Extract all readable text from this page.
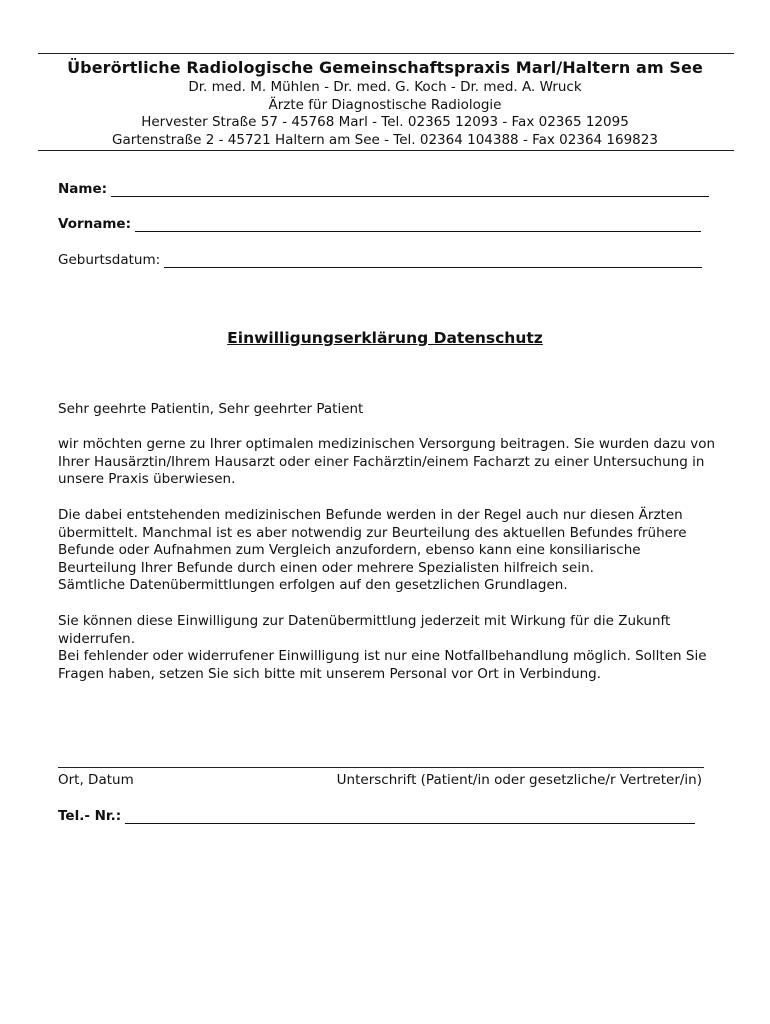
Überörtliche Radiologische Gemeinschaftspraxis Marl/Haltern am See
Dr. med. M. Mühlen - Dr. med. G. Koch - Dr. med. A. Wruck
Ärzte für Diagnostische Radiologie
Hervester Straße 57 - 45768 Marl - Tel. 02365 12093 - Fax 02365 12095
Gartenstraße 2 - 45721 Haltern am See - Tel. 02364 104388 - Fax 02364 169823
Name:
Vorname:
Geburtsdatum:
Einwilligungserklärung Datenschutz

Sehr geehrte Patientin, Sehr geehrter Patient

wir möchten gerne zu Ihrer optimalen medizinischen Versorgung beitragen. Sie wurden dazu von Ihrer Hausärztin/Ihrem Hausarzt oder einer Fachärztin/einem Facharzt zu einer Untersuchung in unsere Praxis überwiesen.

Die dabei entstehenden medizinischen Befunde werden in der Regel auch nur diesen Ärzten übermittelt. Manchmal ist es aber notwendig zur Beurteilung des aktuellen Befundes frühere Befunde oder Aufnahmen zum Vergleich anzufordern, ebenso kann eine konsiliarische Beurteilung Ihrer Befunde durch einen oder mehrere Spezialisten hilfreich sein.

Sämtliche Datenübermittlungen erfolgen auf den gesetzlichen Grundlagen.

Sie können diese Einwilligung zur Datenübermittlung jederzeit mit Wirkung für die Zukunft widerrufen.

Bei fehlender oder widerrufener Einwilligung ist nur eine Notfallbehandlung möglich. Sollten Sie Fragen haben, setzen Sie sich bitte mit unserem Personal vor Ort in Verbindung.

Ort, Datum	Unterschrift (Patient/in oder gesetzliche/r Vertreter/in)
Tel.- Nr.:
